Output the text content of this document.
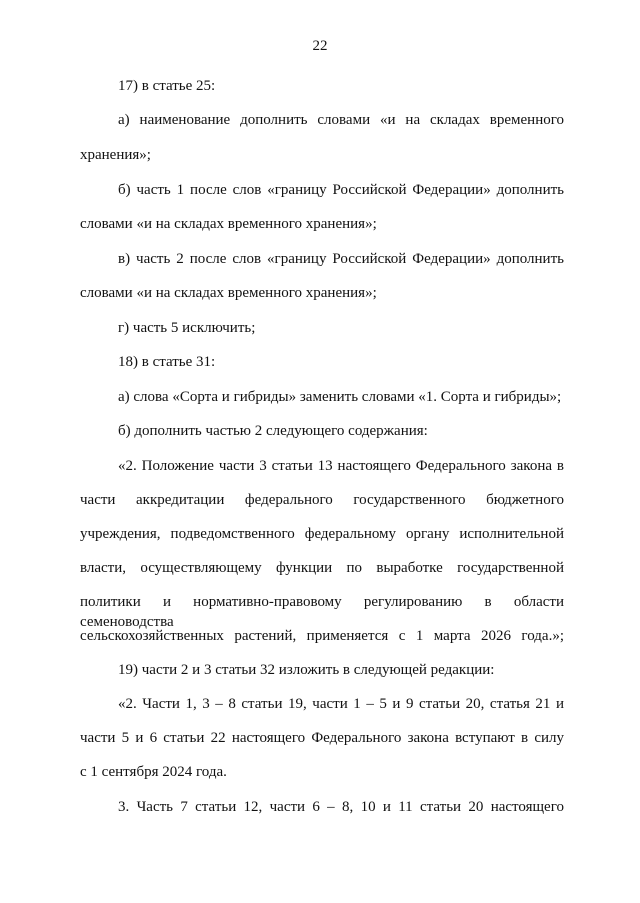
22
17) в статье 25:
а) наименование дополнить словами «и на складах временного
хранения»;
б) часть 1 после слов «границу Российской Федерации» дополнить
словами «и на складах временного хранения»;
в) часть 2 после слов «границу Российской Федерации» дополнить
словами «и на складах временного хранения»;
г) часть 5 исключить;
18) в статье 31:
а) слова «Сорта и гибриды» заменить словами «1. Сорта и гибриды»;
б) дополнить частью 2 следующего содержания:
«2. Положение части 3 статьи 13 настоящего Федерального закона в
части аккредитации федерального государственного бюджетного
учреждения, подведомственного федеральному органу исполнительной
власти, осуществляющему функции по выработке государственной
политики и нормативно-правовому регулированию в области семеноводства
сельскохозяйственных растений, применяется с 1 марта 2026 года.»;
19) части 2 и 3 статьи 32 изложить в следующей редакции:
«2. Части 1, 3 – 8 статьи 19, части 1 – 5 и 9 статьи 20, статья 21 и
части 5 и 6 статьи 22 настоящего Федерального закона вступают в силу
с 1 сентября 2024 года.
3. Часть 7 статьи 12, части 6 – 8, 10 и 11 статьи 20 настоящего
